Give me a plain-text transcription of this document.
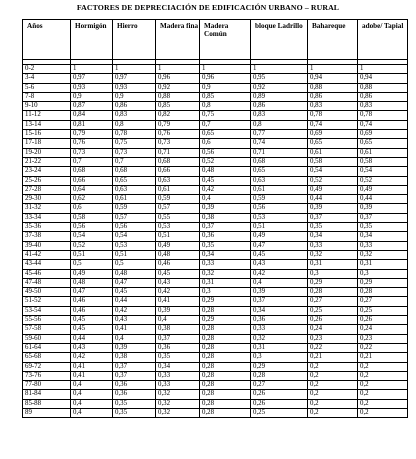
FACTORES DE DEPRECIACIÓN DE EDIFICACIÓN URBANO – RURAL
Años	Hormigón	Hierro	Madera fina	Madera Común	bloque Ladrillo	Bahareque	adobe/ Tapial

0-2	1	1	1	1	1	1	1
3-4	0,97	0,97	0,96	0,96	0,95	0,94	0,94
5-6	0,93	0,93	0,92	0,9	0,92	0,88	0,88
7-8	0,9	0,9	0,88	0,85	0,89	0,86	0,86
9-10	0,87	0,86	0,85	0,8	0,86	0,83	0,83
11-12	0,84	0,83	0,82	0,75	0,83	0,78	0,78
13-14	0,81	0,8	0,79	0,7	0,8	0,74	0,74
15-16	0,79	0,78	0,76	0,65	0,77	0,69	0,69
17-18	0,76	0,75	0,73	0,6	0,74	0,65	0,65
19-20	0,73	0,73	0,71	0,56	0,71	0,61	0,61
21-22	0,7	0,7	0,68	0,52	0,68	0,58	0,58
23-24	0,68	0,68	0,66	0,48	0,65	0,54	0,54
25-26	0,66	0,65	0,63	0,45	0,63	0,52	0,52
27-28	0,64	0,63	0,61	0,42	0,61	0,49	0,49
29-30	0,62	0,61	0,59	0,4	0,59	0,44	0,44
31-32	0,6	0,59	0,57	0,39	0,56	0,39	0,39
33-34	0,58	0,57	0,55	0,38	0,53	0,37	0,37
35-36	0,56	0,56	0,53	0,37	0,51	0,35	0,35
37-38	0,54	0,54	0,51	0,36	0,49	0,34	0,34
39-40	0,52	0,53	0,49	0,35	0,47	0,33	0,33
41-42	0,51	0,51	0,48	0,34	0,45	0,32	0,32
43-44	0,5	0,5	0,46	0,33	0,43	0,31	0,31
45-46	0,49	0,48	0,45	0,32	0,42	0,3	0,3
47-48	0,48	0,47	0,43	0,31	0,4	0,29	0,29
49-50	0,47	0,45	0,42	0,3	0,39	0,28	0,28
51-52	0,46	0,44	0,41	0,29	0,37	0,27	0,27
53-54	0,46	0,42	0,39	0,28	0,34	0,25	0,25
55-56	0,45	0,43	0,4	0,29	0,36	0,26	0,26
57-58	0,45	0,41	0,38	0,28	0,33	0,24	0,24
59-60	0,44	0,4	0,37	0,28	0,32	0,23	0,23
61-64	0,43	0,39	0,36	0,28	0,31	0,22	0,22
65-68	0,42	0,38	0,35	0,28	0,3	0,21	0,21
69-72	0,41	0,37	0,34	0,28	0,29	0,2	0,2
73-76	0,41	0,37	0,33	0,28	0,28	0,2	0,2
77-80	0,4	0,36	0,33	0,28	0,27	0,2	0,2
81-84	0,4	0,36	0,32	0,28	0,26	0,2	0,2
85-88	0,4	0,35	0,32	0,28	0,26	0,2	0,2
89	0,4	0,35	0,32	0,28	0,25	0,2	0,2
